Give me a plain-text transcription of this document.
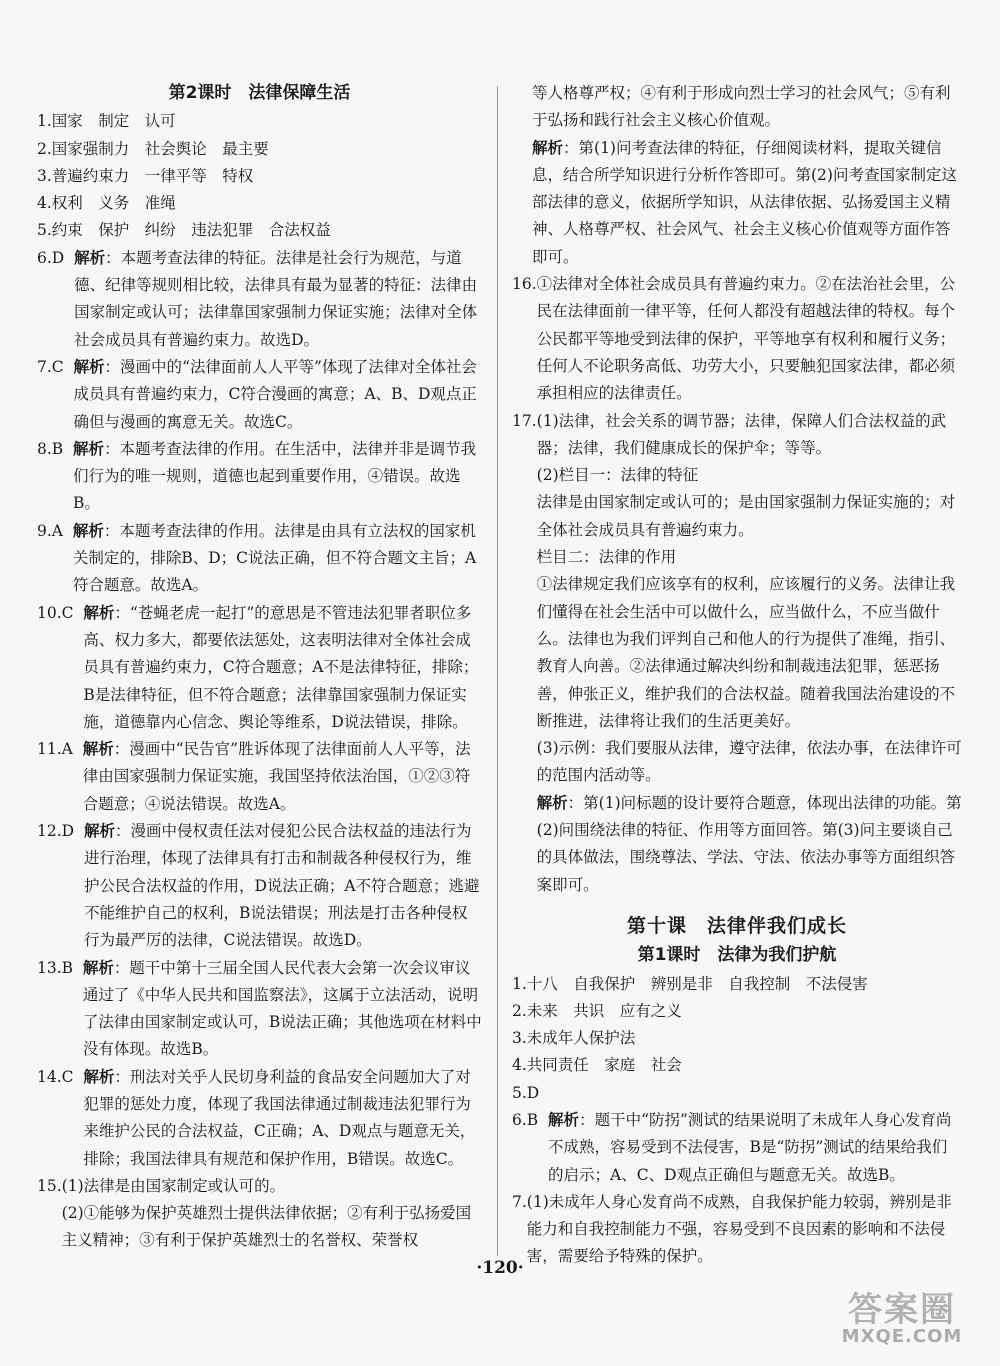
第2课时　法律保障生活
1. 国家　制定　认可
2. 国家强制力　社会舆论　最主要
3. 普遍约束力　一律平等　特权
4. 权利　义务　准绳
5. 约束　保护　纠纷　违法犯罪　合法权益
6.D
解析：本题考查法律的特征。法律是社会行为规范，与道德、纪律等规则相比较，法律具有最为显著的特征：法律由国家制定或认可；法律靠国家强制力保证实施；法律对全体社会成员具有普遍约束力。故选D。
7.C
解析：漫画中的“法律面前人人平等”体现了法律对全体社会成员具有普遍约束力，C符合漫画的寓意；A、B、D观点正确但与漫画的寓意无关。故选C。
8.B
解析：本题考查法律的作用。在生活中，法律并非是调节我们行为的唯一规则，道德也起到重要作用，④错误。故选B。
9.A
解析：本题考查法律的作用。法律是由具有立法权的国家机关制定的，排除B、D；C说法正确，但不符合题文主旨；A符合题意。故选A。
10.C
解析：“苍蝇老虎一起打”的意思是不管违法犯罪者职位多高、权力多大，都要依法惩处，这表明法律对全体社会成员具有普遍约束力，C符合题意；A不是法律特征，排除；B是法律特征，但不符合题意；法律靠国家强制力保证实施，道德靠内心信念、舆论等维系，D说法错误，排除。
11.A
解析：漫画中“民告官”胜诉体现了法律面前人人平等，法律由国家强制力保证实施，我国坚持依法治国，①②③符合题意；④说法错误。故选A。
12.D
解析：漫画中侵权责任法对侵犯公民合法权益的违法行为进行治理，体现了法律具有打击和制裁各种侵权行为，维护公民合法权益的作用，D说法正确；A不符合题意；逃避不能维护自己的权利，B说法错误；刑法是打击各种侵权行为最严厉的法律，C说法错误。故选D。
13.B
解析：题干中第十三届全国人民代表大会第一次会议审议通过了《中华人民共和国监察法》，这属于立法活动，说明了法律由国家制定或认可，B说法正确；其他选项在材料中没有体现。故选B。
14.C
解析：刑法对关乎人民切身利益的食品安全问题加大了对犯罪的惩处力度，体现了我国法律通过制裁违法犯罪行为来维护公民的合法权益，C正确；A、D观点与题意无关，排除；我国法律具有规范和保护作用，B错误。故选C。
15. (1)法律是由国家制定或认可的。
(2)①能够为保护英雄烈士提供法律依据；②有利于弘扬爱国主义精神；③有利于保护英雄烈士的名誉权、荣誉权
等人格尊严权；④有利于形成向烈士学习的社会风气；⑤有利于弘扬和践行社会主义核心价值观。
解析：第(1)问考查法律的特征，仔细阅读材料，提取关键信息，结合所学知识进行分析作答即可。第(2)问考查国家制定这部法律的意义，依据所学知识，从法律依据、弘扬爱国主义精神、人格尊严权、社会风气、社会主义核心价值观等方面作答即可。
16. ①法律对全体社会成员具有普遍约束力。②在法治社会里，公民在法律面前一律平等，任何人都没有超越法律的特权。每个公民都平等地受到法律的保护，平等地享有权利和履行义务；任何人不论职务高低、功劳大小，只要触犯国家法律，都必须承担相应的法律责任。
17. (1)法律，社会关系的调节器；法律，保障人们合法权益的武器；法律，我们健康成长的保护伞；等等。
(2)栏目一：法律的特征
法律是由国家制定或认可的；是由国家强制力保证实施的；对全体社会成员具有普遍约束力。
栏目二：法律的作用
①法律规定我们应该享有的权利，应该履行的义务。法律让我们懂得在社会生活中可以做什么，应当做什么，不应当做什么。法律也为我们评判自己和他人的行为提供了准绳，指引、教育人向善。②法律通过解决纠纷和制裁违法犯罪，惩恶扬善，伸张正义，维护我们的合法权益。随着我国法治建设的不断推进，法律将让我们的生活更美好。
(3)示例：我们要服从法律，遵守法律，依法办事，在法律许可的范围内活动等。
解析：第(1)问标题的设计要符合题意，体现出法律的功能。第(2)问围绕法律的特征、作用等方面回答。第(3)问主要谈自己的具体做法，围绕尊法、学法、守法、依法办事等方面组织答案即可。
第十课　法律伴我们成长
第1课时　法律为我们护航
1. 十八　自我保护　辨别是非　自我控制　不法侵害
2. 未来　共识　应有之义
3. 未成年人保护法
4. 共同责任　家庭　社会
5. D
6.B
解析：题干中“防拐”测试的结果说明了未成年人身心发育尚不成熟，容易受到不法侵害，B是“防拐”测试的结果给我们的启示；A、C、D观点正确但与题意无关。故选B。
7. (1)未成年人身心发育尚不成熟，自我保护能力较弱，辨别是非能力和自我控制能力不强，容易受到不良因素的影响和不法侵害，需要给予特殊的保护。
·120·
答案圈
MXQE.COM
